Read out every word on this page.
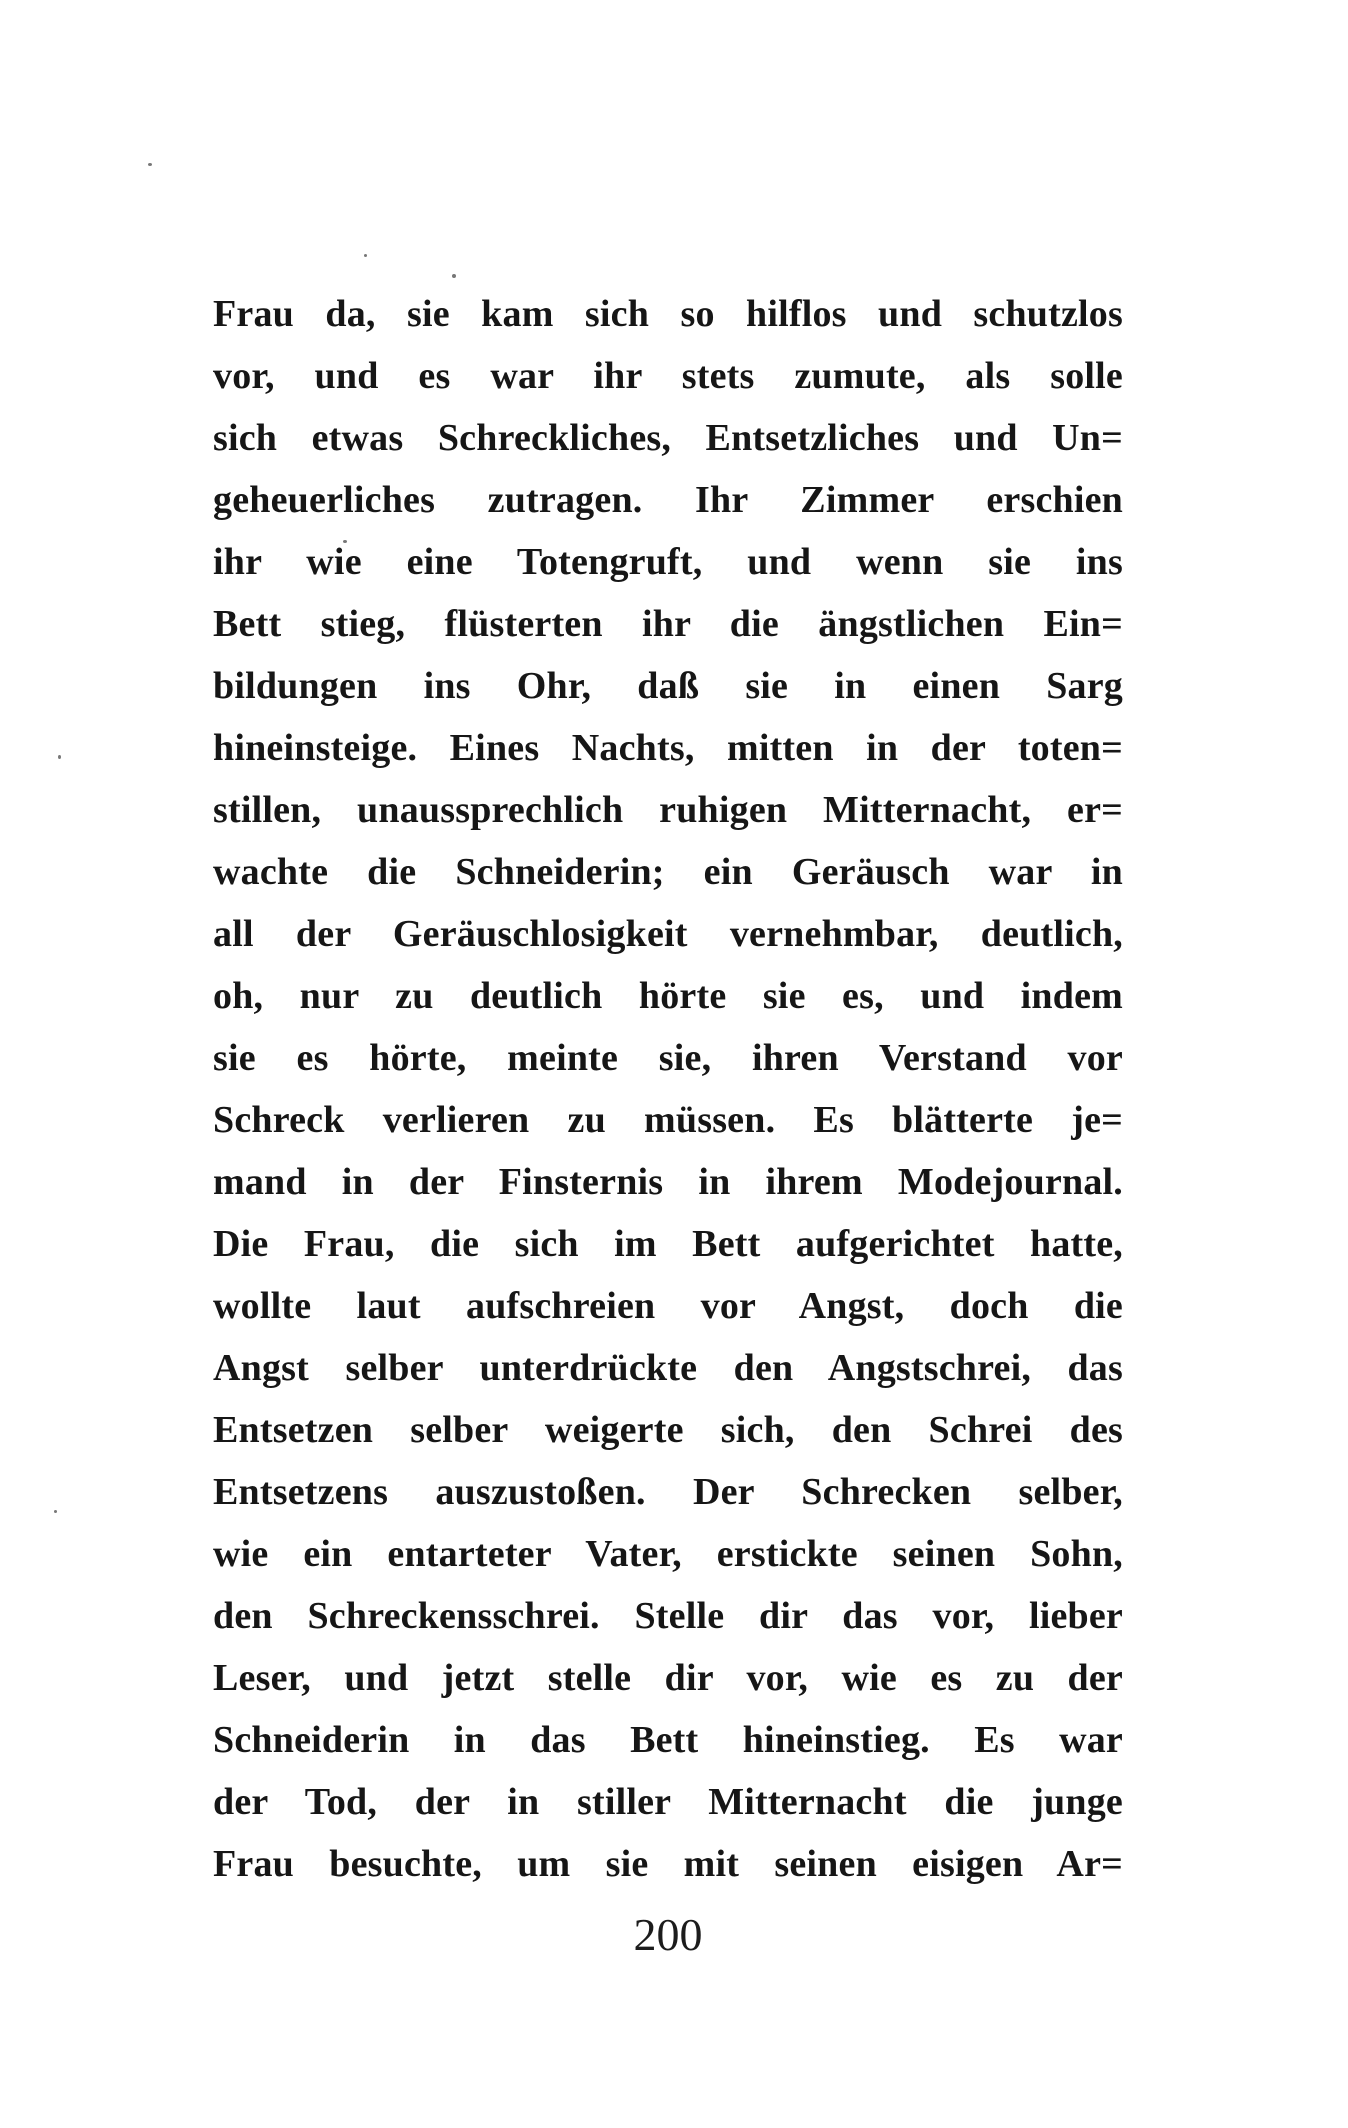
Frau da, sie kam sich so hilflos und schutzlos
vor, und es war ihr stets zumute, als solle
sich etwas Schreckliches, Entsetzliches und Un=
geheuerliches zutragen. Ihr Zimmer erschien
ihr wie eine Totengruft, und wenn sie ins
Bett stieg, flüsterten ihr die ängstlichen Ein=
bildungen ins Ohr, daß sie in einen Sarg
hineinsteige. Eines Nachts, mitten in der toten=
stillen, unaussprechlich ruhigen Mitternacht, er=
wachte die Schneiderin; ein Geräusch war in
all der Geräuschlosigkeit vernehmbar, deutlich,
oh, nur zu deutlich hörte sie es, und indem
sie es hörte, meinte sie, ihren Verstand vor
Schreck verlieren zu müssen. Es blätterte je=
mand in der Finsternis in ihrem Modejournal.
Die Frau, die sich im Bett aufgerichtet hatte,
wollte laut aufschreien vor Angst, doch die
Angst selber unterdrückte den Angstschrei, das
Entsetzen selber weigerte sich, den Schrei des
Entsetzens auszustoßen. Der Schrecken selber,
wie ein entarteter Vater, erstickte seinen Sohn,
den Schreckensschrei. Stelle dir das vor, lieber
Leser, und jetzt stelle dir vor, wie es zu der
Schneiderin in das Bett hineinstieg. Es war
der Tod, der in stiller Mitternacht die junge
Frau besuchte, um sie mit seinen eisigen Ar=
200
